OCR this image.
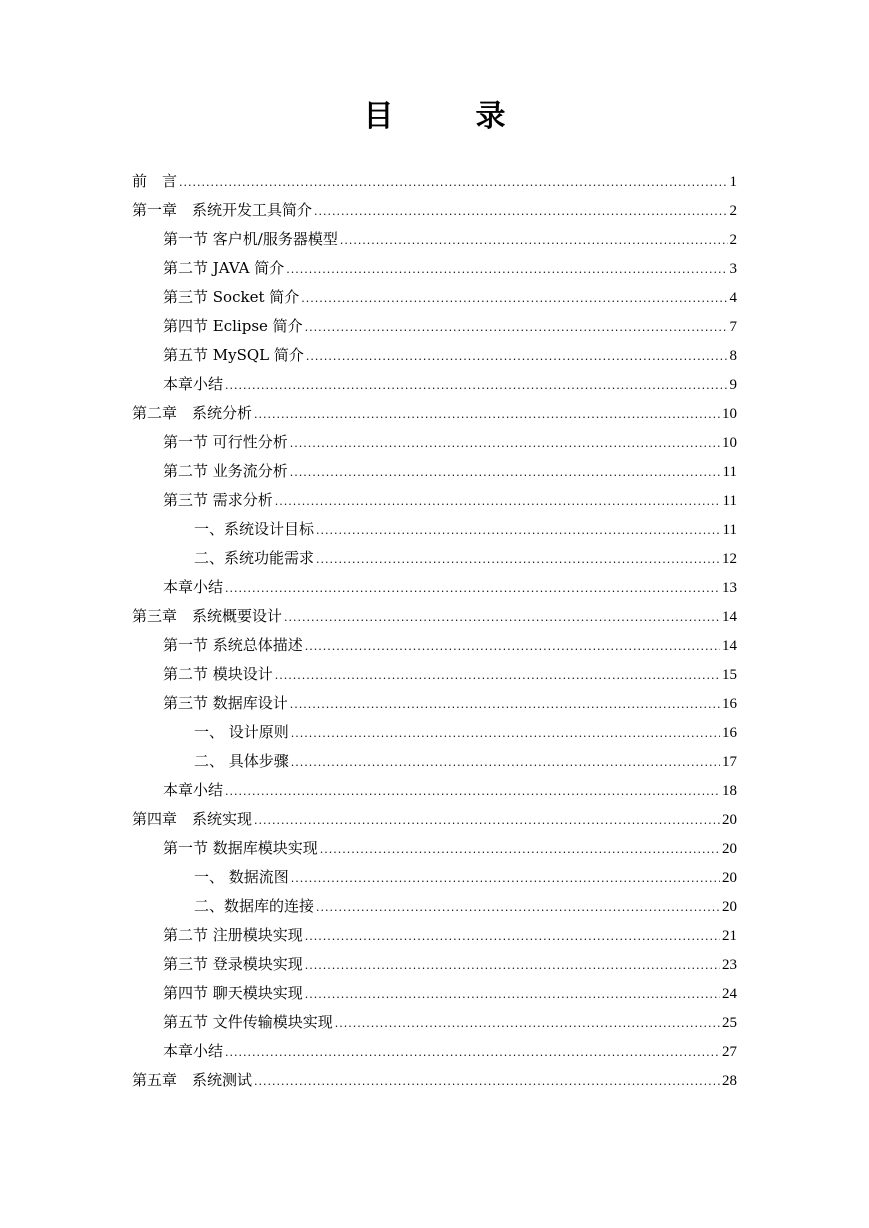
目　录
前　言 .....	1
第一章　系统开发工具简介 .....	2
第一节 客户机/服务器模型 .....	2
第二节 JAVA 简介 .....	3
第三节 Socket 简介 .....	4
第四节 Eclipse 简介 .....	7
第五节 MySQL 简介 .....	8
本章小结 .....	9
第二章　系统分析 .....	10
第一节 可行性分析 .....	10
第二节 业务流分析 .....	11
第三节 需求分析 .....	11
一、系统设计目标 .....	11
二、系统功能需求 .....	12
本章小结 .....	13
第三章　系统概要设计 .....	14
第一节 系统总体描述 .....	14
第二节 模块设计 .....	15
第三节 数据库设计 .....	16
一、 设计原则 .....	16
二、 具体步骤 .....	17
本章小结 .....	18
第四章　系统实现 .....	20
第一节 数据库模块实现 .....	20
一、 数据流图 .....	20
二、数据库的连接 .....	20
第二节 注册模块实现 .....	21
第三节 登录模块实现 .....	23
第四节 聊天模块实现 .....	24
第五节 文件传输模块实现 .....	25
本章小结 .....	27
第五章　系统测试 .....	28
